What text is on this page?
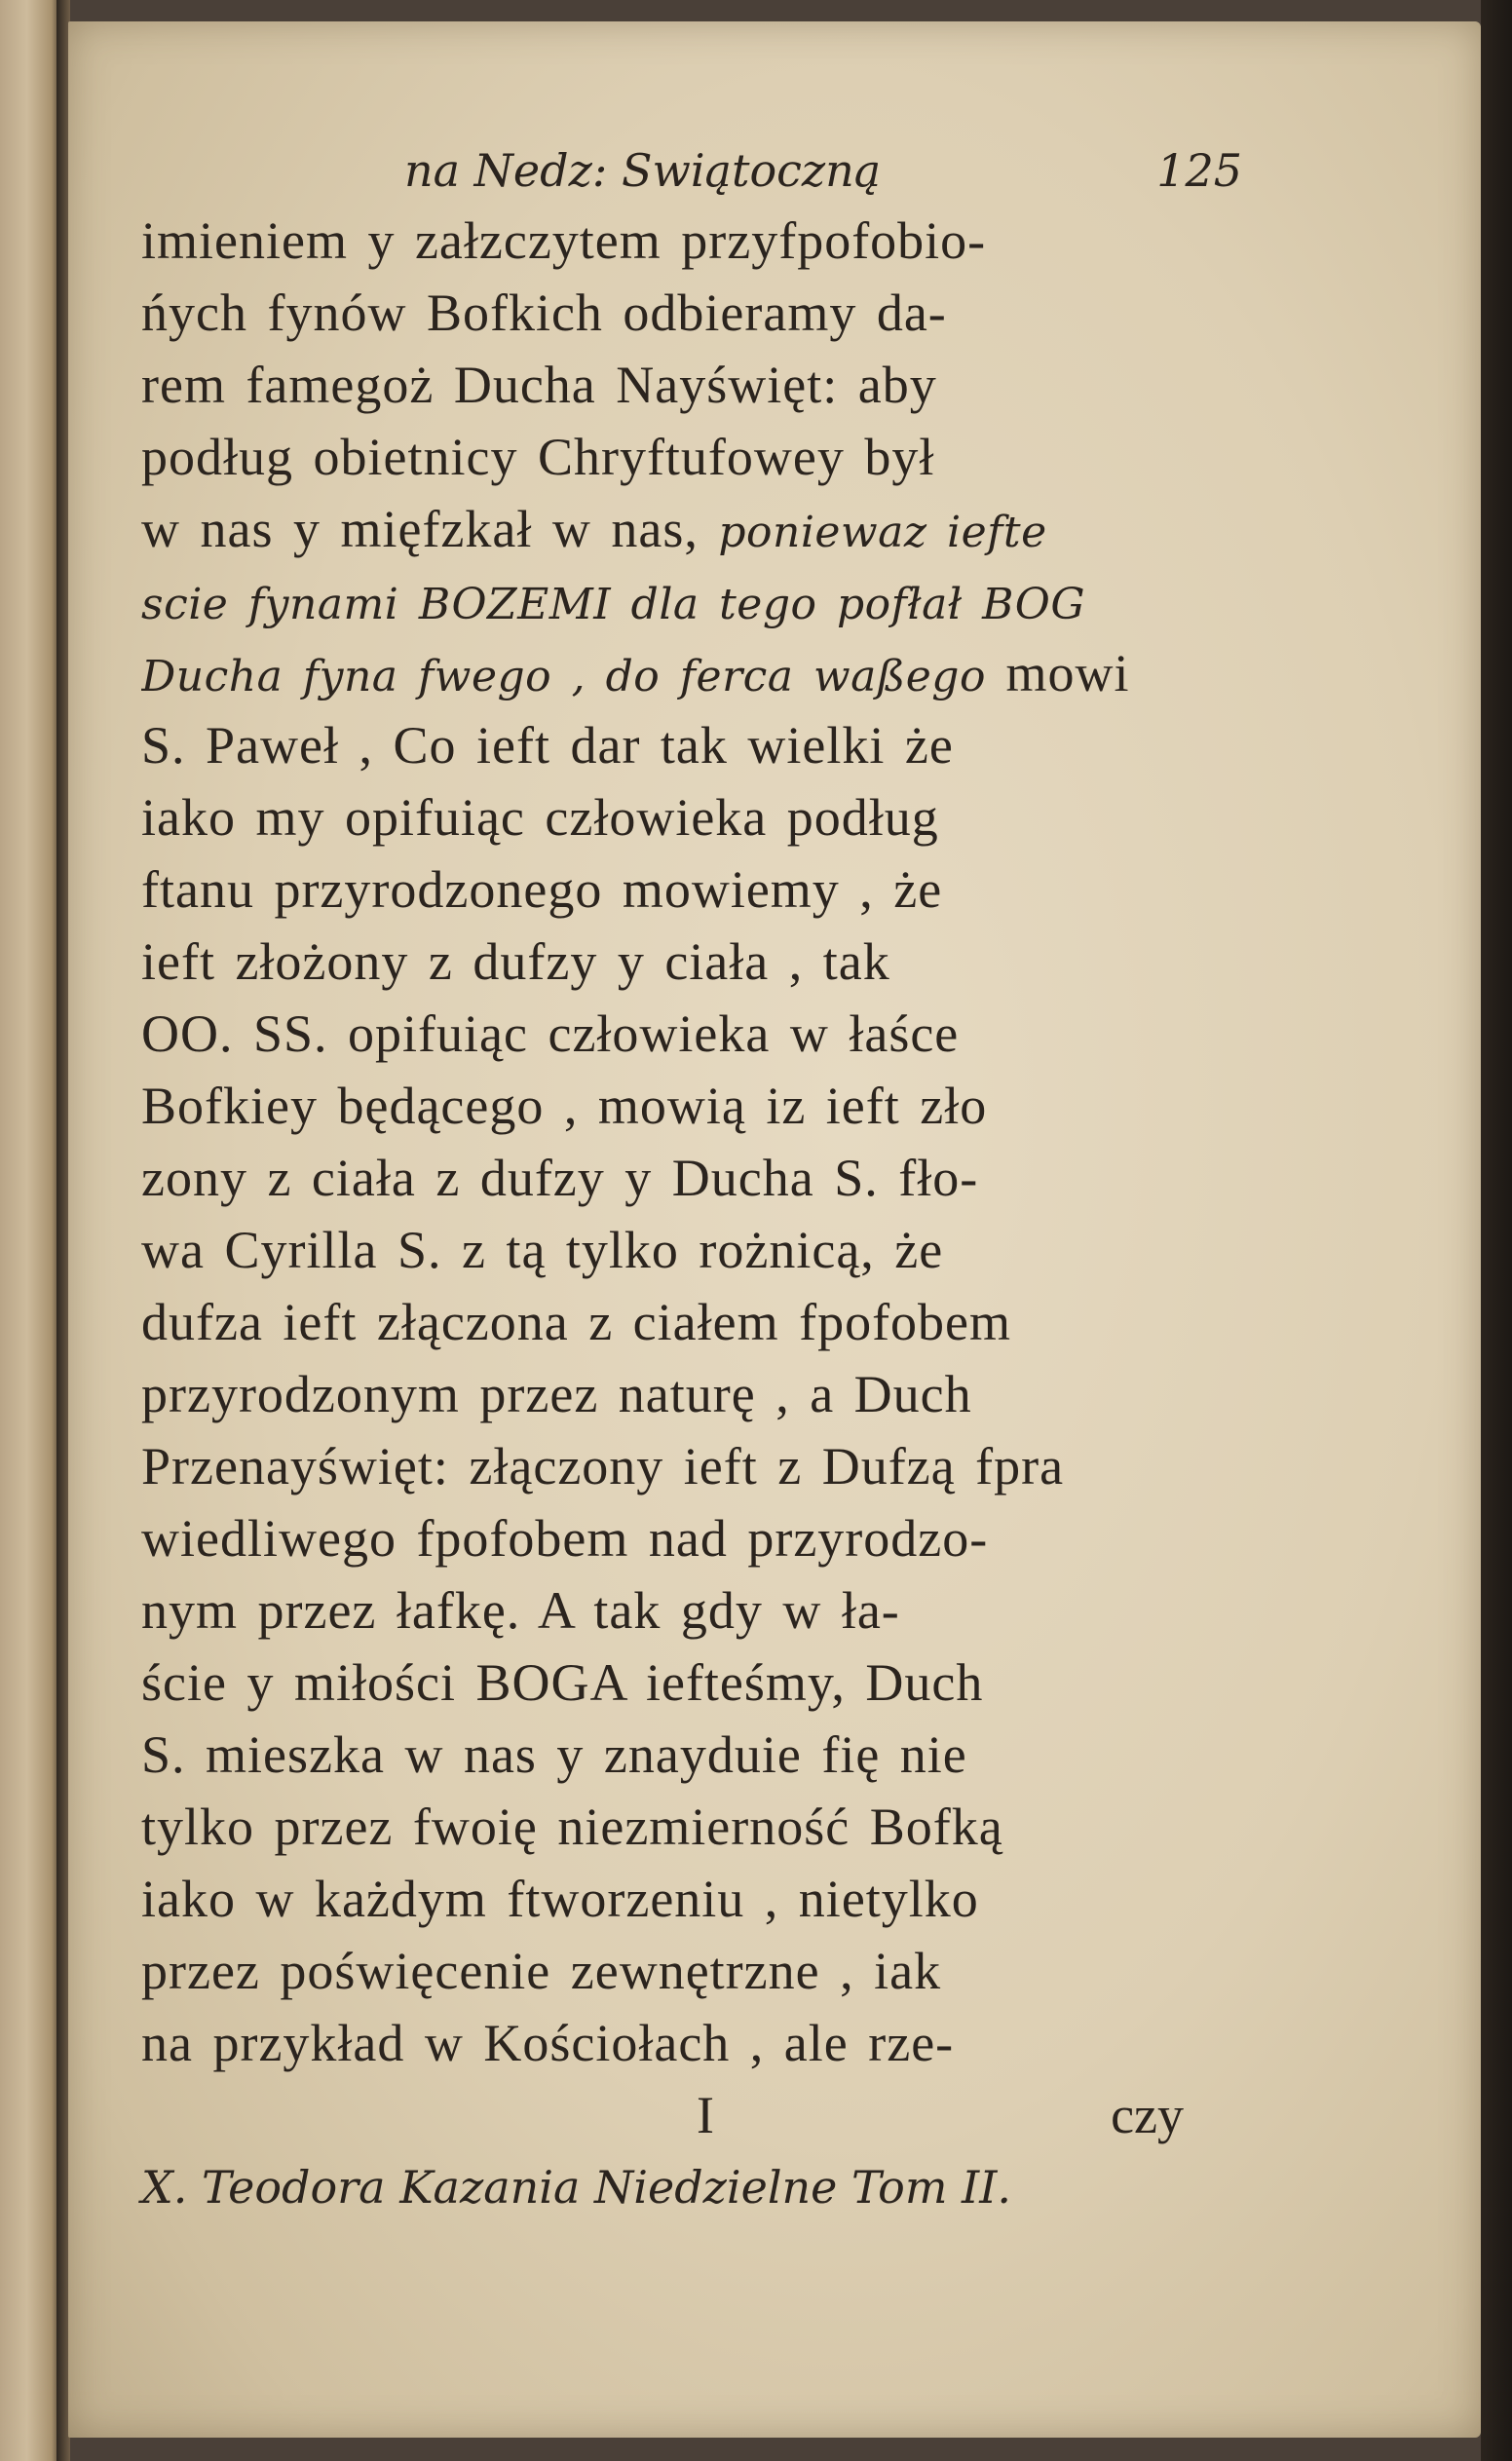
na Nedz: Swiątoczną	125
imieniem y załzczytem przyfpofobio-
ńych fynów Bofkich odbieramy da-
rem famegoż Ducha Nayświęt: aby
podług obietnicy Chryftufowey był
w nas y mięfzkał w nas, poniewaz iefte
scie fynami BOZEMI dla tego pofłał BOG
Ducha fyna fwego , do ferca waßego mowi
S. Paweł , Co ieft dar tak wielki że
iako my opifuiąc człowieka podług
ftanu przyrodzonego mowiemy , że
ieft złożony z dufzy y ciała , tak
OO. SS. opifuiąc człowieka w łaśce
Bofkiey będącego , mowią iz ieft zło
zony z ciała z dufzy y Ducha S. fło-
wa Cyrilla S. z tą tylko rożnicą, że
dufza ieft złączona z ciałem fpofobem
przyrodzonym przez naturę , a Duch
Przenayświęt: złączony ieft z Dufzą fpra
wiedliwego fpofobem nad przyrodzo-
nym przez łafkę. A tak gdy w ła-
ście y miłości BOGA iefteśmy, Duch
S. mieszka w nas y znayduie fię nie
tylko przez fwoię niezmierność Bofką
iako w każdym ftworzeniu , nietylko
przez poświęcenie zewnętrzne , iak
na przykład w Kościołach , ale rze-
I	czy
X. Teodora Kazania Niedzielne Tom II.
